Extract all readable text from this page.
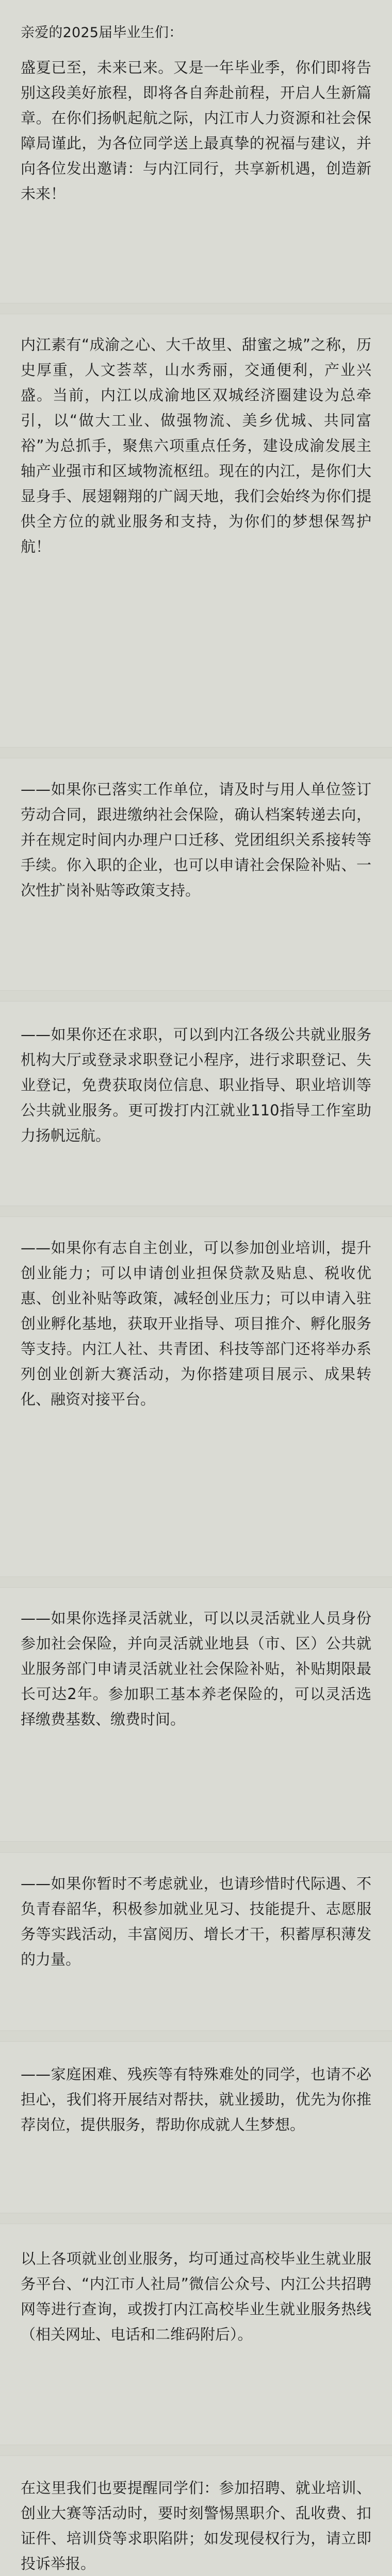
亲爱的2025届毕业生们：

盛夏已至，未来已来。又是一年毕业季，你们即将告别这段美好旅程，即将各自奔赴前程，开启人生新篇章。在你们扬帆起航之际，内江市人力资源和社会保障局谨此，为各位同学送上最真挚的祝福与建议，并向各位发出邀请：与内江同行，共享新机遇，创造新未来！

内江素有“成渝之心、大千故里、甜蜜之城”之称，历史厚重，人文荟萃，山水秀丽，交通便利，产业兴盛。当前，内江以成渝地区双城经济圈建设为总牵引，以“做大工业、做强物流、美乡优城、共同富裕”为总抓手，聚焦六项重点任务，建设成渝发展主轴产业强市和区域物流枢纽。现在的内江，是你们大显身手、展翅翱翔的广阔天地，我们会始终为你们提供全方位的就业服务和支持，为你们的梦想保驾护航！

——如果你已落实工作单位，请及时与用人单位签订劳动合同，跟进缴纳社会保险，确认档案转递去向，并在规定时间内办理户口迁移、党团组织关系接转等手续。你入职的企业，也可以申请社会保险补贴、一次性扩岗补贴等政策支持。

——如果你还在求职，可以到内江各级公共就业服务机构大厅或登录求职登记小程序，进行求职登记、失业登记，免费获取岗位信息、职业指导、职业培训等公共就业服务。更可拨打内江就业110指导工作室助力扬帆远航。

——如果你有志自主创业，可以参加创业培训，提升创业能力；可以申请创业担保贷款及贴息、税收优惠、创业补贴等政策，减轻创业压力；可以申请入驻创业孵化基地，获取开业指导、项目推介、孵化服务等支持。内江人社、共青团、科技等部门还将举办系列创业创新大赛活动，为你搭建项目展示、成果转化、融资对接平台。

——如果你选择灵活就业，可以以灵活就业人员身份参加社会保险，并向灵活就业地县（市、区）公共就业服务部门申请灵活就业社会保险补贴，补贴期限最长可达2年。参加职工基本养老保险的，可以灵活选择缴费基数、缴费时间。

——如果你暂时不考虑就业，也请珍惜时代际遇、不负青春韶华，积极参加就业见习、技能提升、志愿服务等实践活动，丰富阅历、增长才干，积蓄厚积薄发的力量。

——家庭困难、残疾等有特殊难处的同学，也请不必担心，我们将开展结对帮扶，就业援助，优先为你推荐岗位，提供服务，帮助你成就人生梦想。

以上各项就业创业服务，均可通过高校毕业生就业服务平台、“内江市人社局”微信公众号、内江公共招聘网等进行查询，或拨打内江高校毕业生就业服务热线（相关网址、电话和二维码附后）。

在这里我们也要提醒同学们：参加招聘、就业培训、创业大赛等活动时，要时刻警惕黑职介、乱收费、扣证件、培训贷等求职陷阱；如发现侵权行为，请立即投诉举报。
